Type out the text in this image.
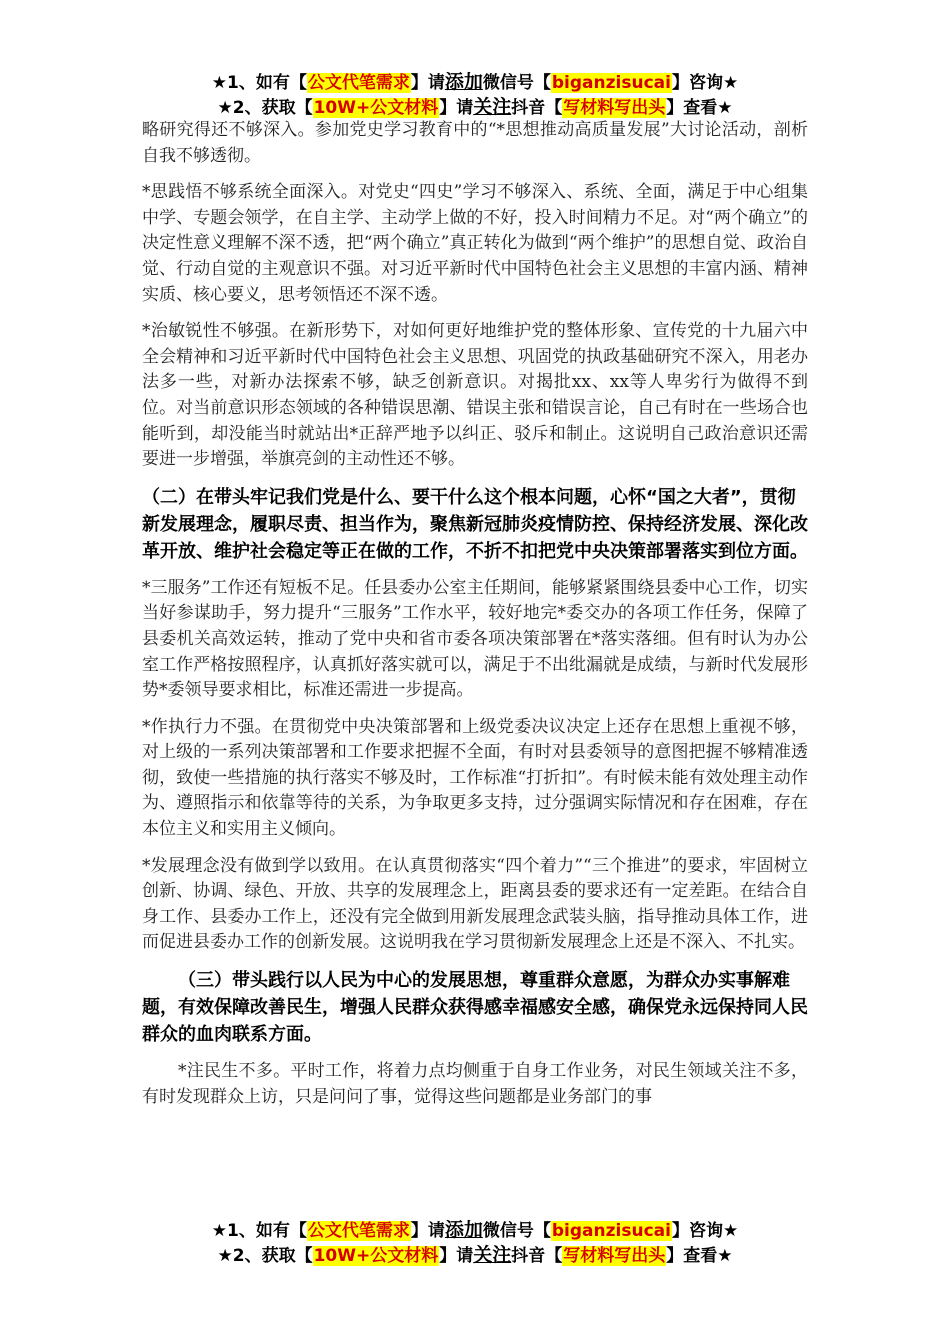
★1、如有【公文代笔需求】请添加微信号【biganzisucai】咨询★
★2、获取【10W+公文材料】请关注抖音【写材料写出头】查看★

略研究得还不够深入。参加党史学习教育中的“*思想推动高质量发展”大讨论活动，剖析自我不够透彻。

*思践悟不够系统全面深入。对党史“四史”学习不够深入、系统、全面，满足于中心组集中学、专题会领学，在自主学、主动学上做的不好，投入时间精力不足。对“两个确立”的决定性意义理解不深不透，把“两个确立”真正转化为做到“两个维护”的思想自觉、政治自觉、行动自觉的主观意识不强。对习近平新时代中国特色社会主义思想的丰富内涵、精神实质、核心要义，思考领悟还不深不透。

*治敏锐性不够强。在新形势下，对如何更好地维护党的整体形象、宣传党的十九届六中全会精神和习近平新时代中国特色社会主义思想、巩固党的执政基础研究不深入，用老办法多一些，对新办法探索不够，缺乏创新意识。对揭批xx、xx等人卑劣行为做得不到位。对当前意识形态领域的各种错误思潮、错误主张和错误言论，自己有时在一些场合也能听到，却没能当时就站出*正辞严地予以纠正、驳斥和制止。这说明自己政治意识还需要进一步增强，举旗亮剑的主动性还不够。

（二）在带头牢记我们党是什么、要干什么这个根本问题，心怀“国之大者”，贯彻新发展理念，履职尽责、担当作为，聚焦新冠肺炎疫情防控、保持经济发展、深化改革开放、维护社会稳定等正在做的工作，不折不扣把党中央决策部署落实到位方面。

*三服务”工作还有短板不足。任县委办公室主任期间，能够紧紧围绕县委中心工作，切实当好参谋助手，努力提升“三服务”工作水平，较好地完*委交办的各项工作任务，保障了县委机关高效运转，推动了党中央和省市委各项决策部署在*落实落细。但有时认为办公室工作严格按照程序，认真抓好落实就可以，满足于不出纰漏就是成绩，与新时代发展形势*委领导要求相比，标准还需进一步提高。

*作执行力不强。在贯彻党中央决策部署和上级党委决议决定上还存在思想上重视不够，对上级的一系列决策部署和工作要求把握不全面，有时对县委领导的意图把握不够精准透彻，致使一些措施的执行落实不够及时，工作标准“打折扣”。有时候未能有效处理主动作为、遵照指示和依靠等待的关系，为争取更多支持，过分强调实际情况和存在困难，存在本位主义和实用主义倾向。

*发展理念没有做到学以致用。在认真贯彻落实“四个着力”“三个推进”的要求，牢固树立创新、协调、绿色、开放、共享的发展理念上，距离县委的要求还有一定差距。在结合自身工作、县委办工作上，还没有完全做到用新发展理念武装头脑，指导推动具体工作，进而促进县委办工作的创新发展。这说明我在学习贯彻新发展理念上还是不深入、不扎实。

（三）带头践行以人民为中心的发展思想，尊重群众意愿，为群众办实事解难题，有效保障改善民生，增强人民群众获得感幸福感安全感，确保党永远保持同人民群众的血肉联系方面。

*注民生不多。平时工作，将着力点均侧重于自身工作业务，对民生领域关注不多，有时发现群众上访，只是问问了事，觉得这些问题都是业务部门的事

★1、如有【公文代笔需求】请添加微信号【biganzisucai】咨询★
★2、获取【10W+公文材料】请关注抖音【写材料写出头】查看★
